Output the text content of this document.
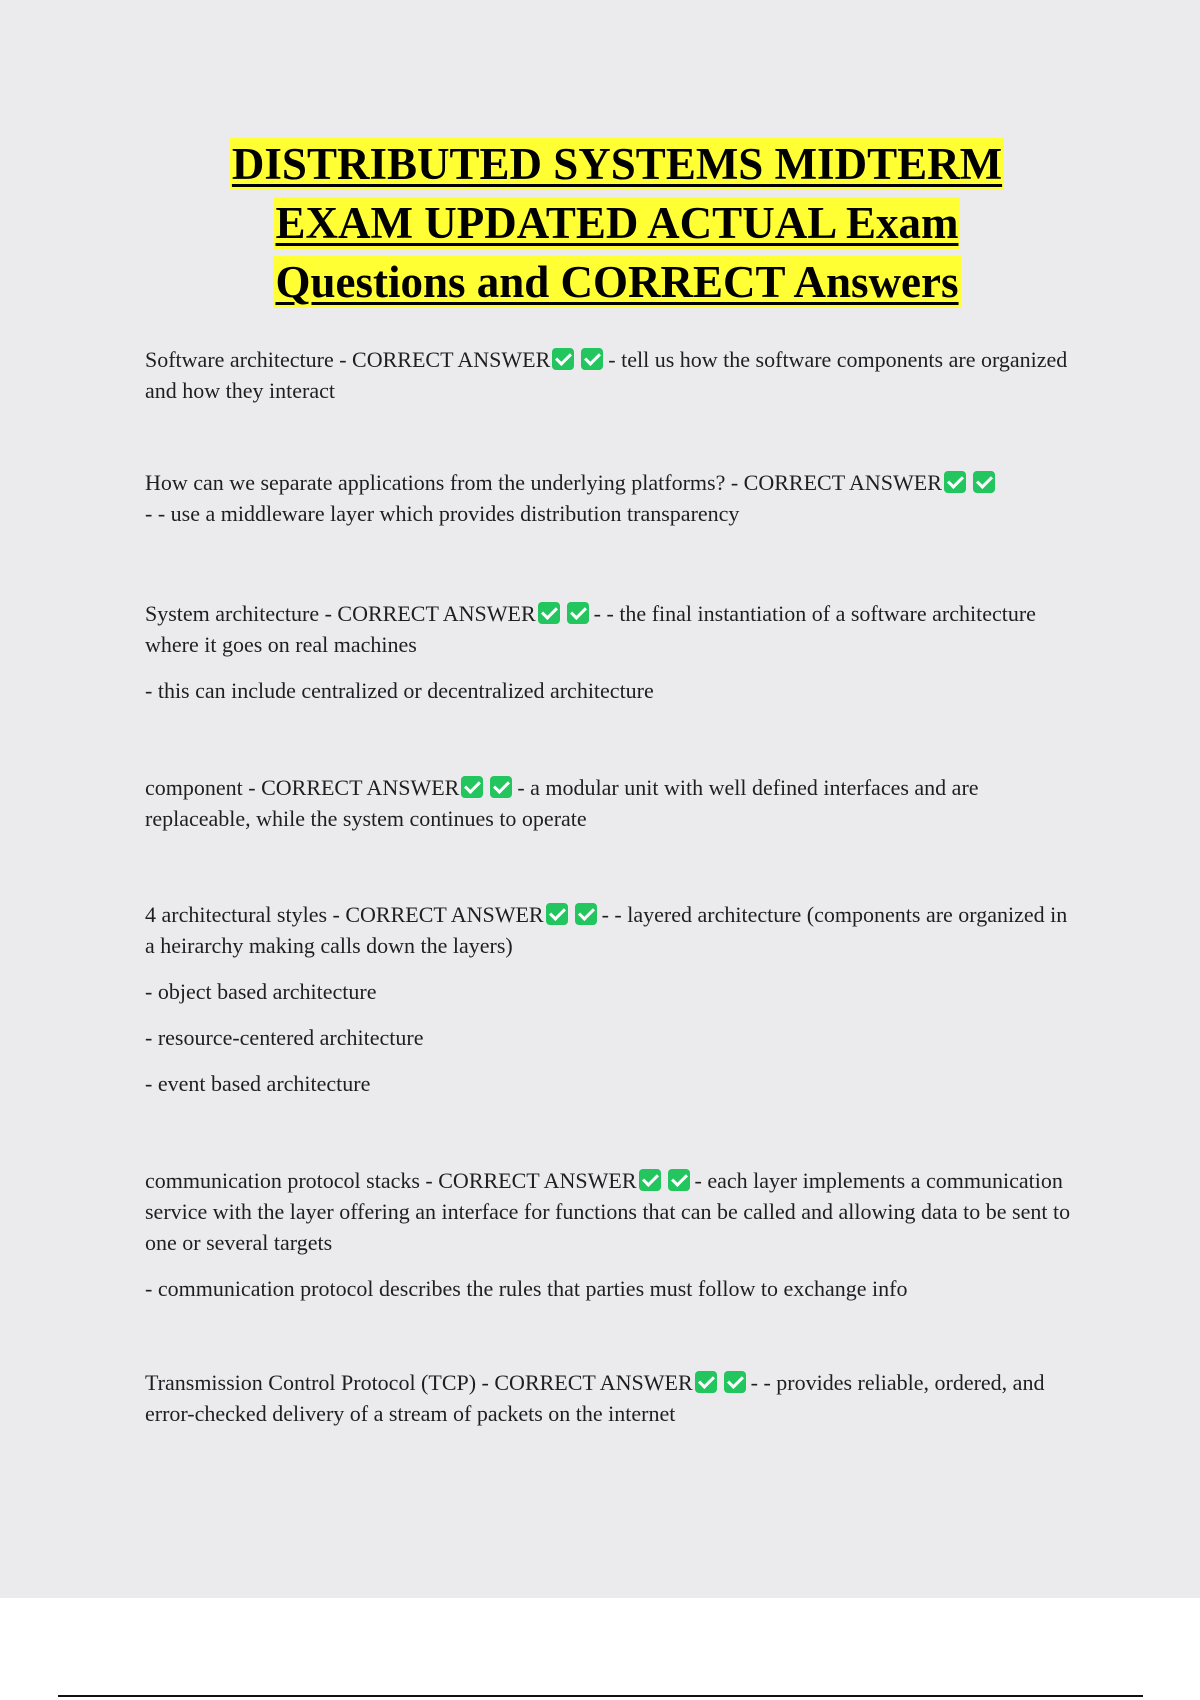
DISTRIBUTED SYSTEMS MIDTERM
EXAM UPDATED ACTUAL Exam
Questions and CORRECT Answers

Software architecture - CORRECT ANSWER	- tell us how the software components are organized and how they interact

How can we separate applications from the underlying platforms? - CORRECT ANSWER- - use a middleware layer which provides distribution transparency

System architecture - CORRECT ANSWER	- - the final instantiation of a software architecture where it goes on real machines

- this can include centralized or decentralized architecture

component - CORRECT ANSWER	- a modular unit with well defined interfaces and are replaceable, while the system continues to operate

4 architectural styles - CORRECT ANSWER	- - layered architecture (components are organized in a heirarchy making calls down the layers)

- object based architecture

- resource-centered architecture

- event based architecture

communication protocol stacks - CORRECT ANSWER	- each layer implements a communication service with the layer offering an interface for functions that can be called and allowing data to be sent to one or several targets

- communication protocol describes the rules that parties must follow to exchange info

Transmission Control Protocol (TCP) - CORRECT ANSWER	- - provides reliable, ordered, and error-checked delivery of a stream of packets on the internet
